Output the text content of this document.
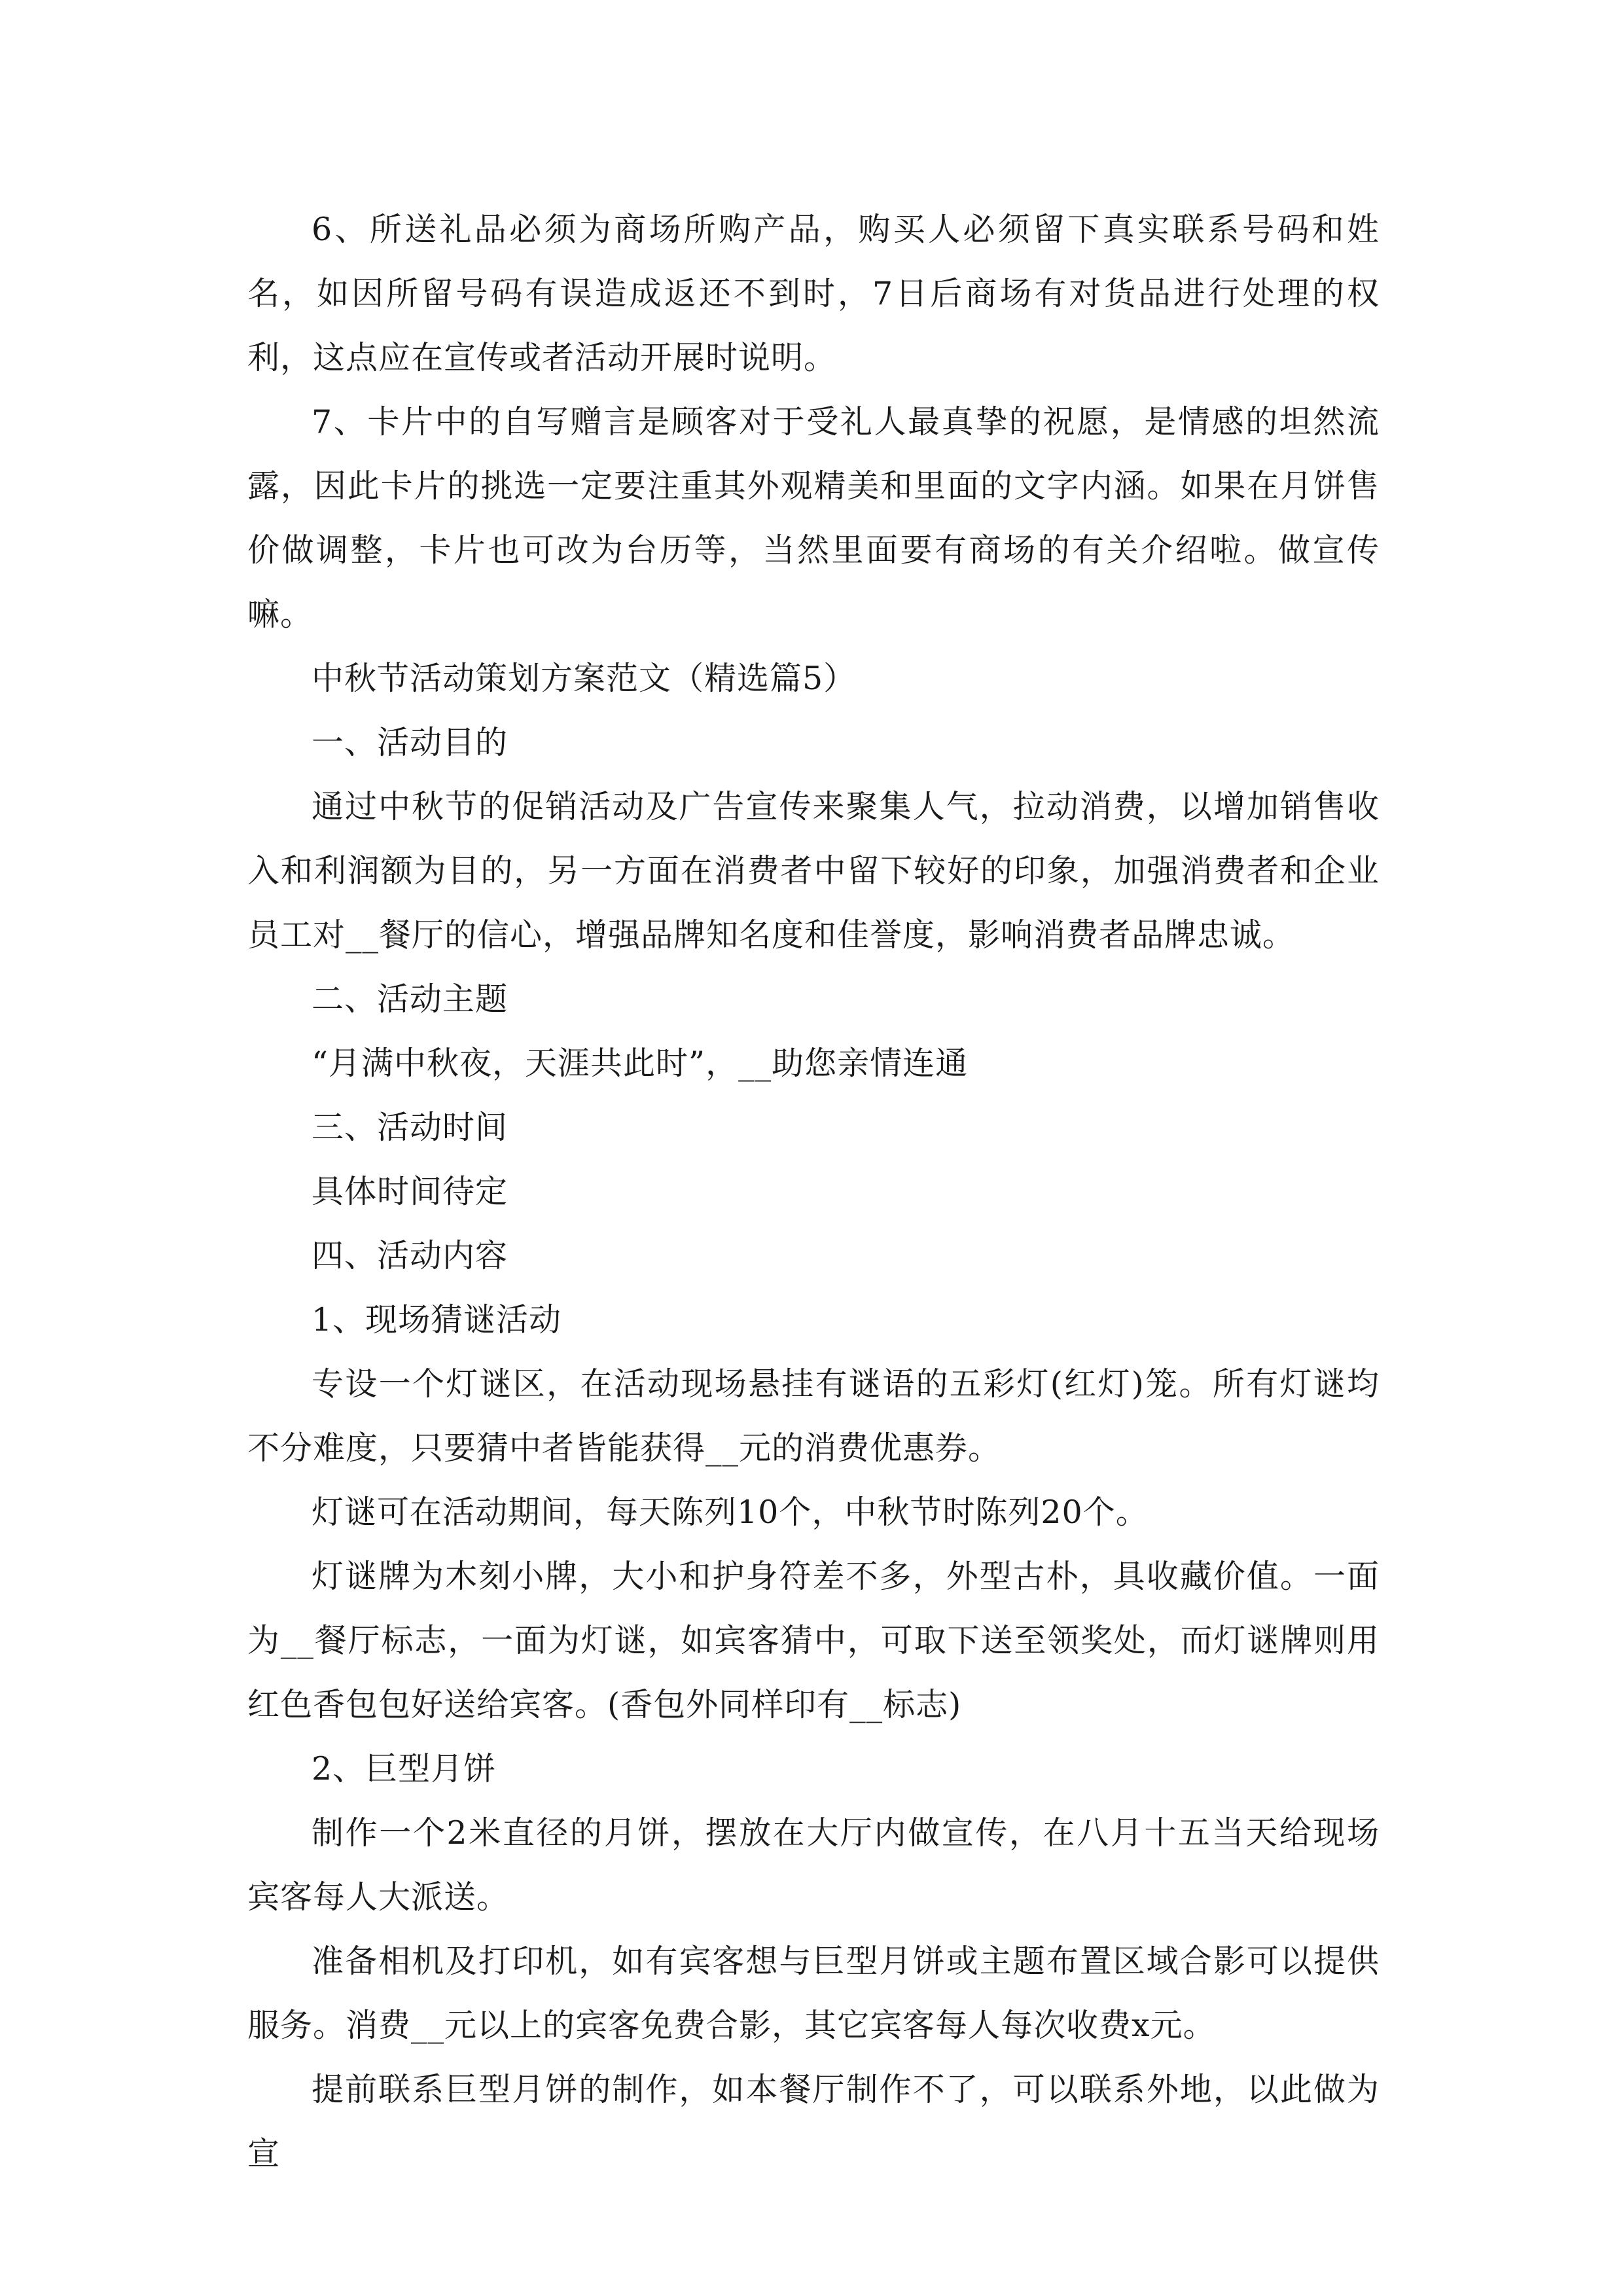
6、所送礼品必须为商场所购产品，购买人必须留下真实联系号码和姓名，如因所留号码有误造成返还不到时，7日后商场有对货品进行处理的权利，这点应在宣传或者活动开展时说明。

7、卡片中的自写赠言是顾客对于受礼人最真挚的祝愿，是情感的坦然流露，因此卡片的挑选一定要注重其外观精美和里面的文字内涵。如果在月饼售价做调整，卡片也可改为台历等，当然里面要有商场的有关介绍啦。做宣传嘛。

中秋节活动策划方案范文（精选篇5）

一、活动目的

通过中秋节的促销活动及广告宣传来聚集人气，拉动消费，以增加销售收入和利润额为目的，另一方面在消费者中留下较好的印象，加强消费者和企业员工对__餐厅的信心，增强品牌知名度和佳誉度，影响消费者品牌忠诚。

二、活动主题

“月满中秋夜，天涯共此时”，__助您亲情连通

三、活动时间

具体时间待定

四、活动内容

1、现场猜谜活动

专设一个灯谜区，在活动现场悬挂有谜语的五彩灯(红灯)笼。所有灯谜均不分难度，只要猜中者皆能获得__元的消费优惠券。

灯谜可在活动期间，每天陈列10个，中秋节时陈列20个。

灯谜牌为木刻小牌，大小和护身符差不多，外型古朴，具收藏价值。一面为__餐厅标志，一面为灯谜，如宾客猜中，可取下送至领奖处，而灯谜牌则用红色香包包好送给宾客。(香包外同样印有__标志)

2、巨型月饼

制作一个2米直径的月饼，摆放在大厅内做宣传，在八月十五当天给现场宾客每人大派送。

准备相机及打印机，如有宾客想与巨型月饼或主题布置区域合影可以提供服务。消费__元以上的宾客免费合影，其它宾客每人每次收费x元。

提前联系巨型月饼的制作，如本餐厅制作不了，可以联系外地，以此做为宣
